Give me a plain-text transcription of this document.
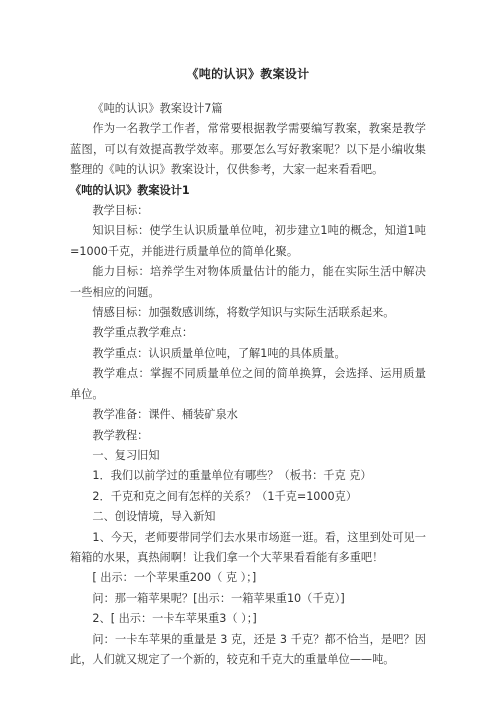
《吨的认识》教案设计

《吨的认识》教案设计7篇

作为一名教学工作者，常常要根据教学需要编写教案，教案是教学蓝图，可以有效提高教学效率。那要怎么写好教案呢？以下是小编收集整理的《吨的认识》教案设计，仅供参考，大家一起来看看吧。

《吨的认识》教案设计1

教学目标：

知识目标：使学生认识质量单位吨，初步建立1吨的概念，知道1吨=1000千克，并能进行质量单位的简单化聚。

能力目标：培养学生对物体质量估计的能力，能在实际生活中解决一些相应的问题。

情感目标：加强数感训练，将数学知识与实际生活联系起来。

教学重点教学难点：

教学重点：认识质量单位吨，了解1吨的具体质量。

教学难点：掌握不同质量单位之间的简单换算，会选择、运用质量单位。

教学准备：课件、桶装矿泉水

教学教程：

一、复习旧知

1．我们以前学过的重量单位有哪些？（板书：千克 克）

2．千克和克之间有怎样的关系？（1千克=1000克）

二、创设情境，导入新知

1、今天，老师要带同学们去水果市场逛一逛。看，这里到处可见一箱箱的水果，真热闹啊！让我们拿一个大苹果看看能有多重吧！

[ 出示：一个苹果重200（ 克 ）；]

问：那一箱苹果呢？[出示：一箱苹果重10（千克）]

2、[ 出示：一卡车苹果重3（ ）；]

问：一卡车苹果的重量是 3 克，还是 3 千克？都不恰当，是吧？因此，人们就又规定了一个新的，较克和千克大的重量单位——吨。
